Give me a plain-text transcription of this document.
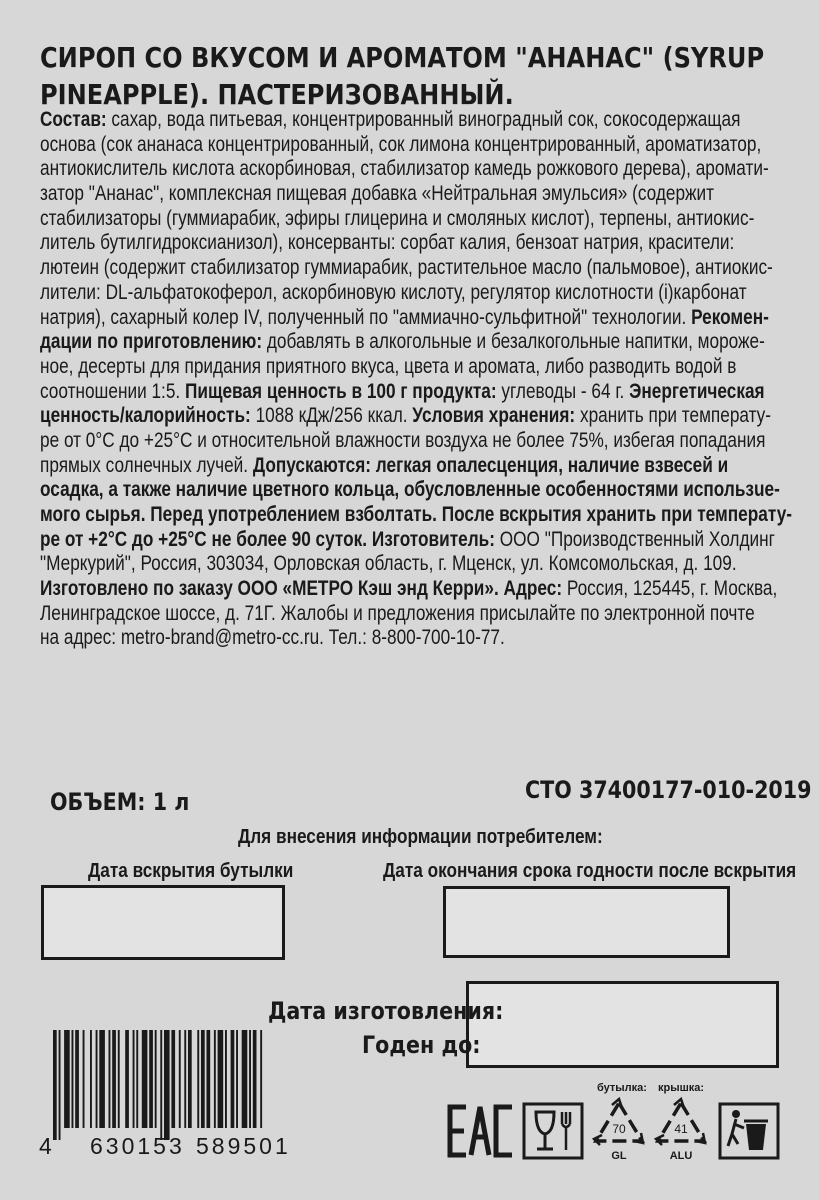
СИРОП СО ВКУСОМ И АРОМАТОМ "АНАНАС" (SYRUP
PINEAPPLE). ПАСТЕРИЗОВАННЫЙ.
Состав: сахар, вода питьевая, концентрированный виноградный сок, сокосодержащая
основа (сок ананаса концентрированный, сок лимона концентрированный, ароматизатор,
антиокислитель кислота аскорбиновая, стабилизатор камедь рожкового дерева), аромати-
затор "Ананас", комплексная пищевая добавка «Нейтральная эмульсия» (содержит
стабилизаторы (гуммиарабик, эфиры глицерина и смоляных кислот), терпены, антиокис-
литель бутилгидроксианизол), консерванты: сорбат калия, бензоат натрия, красители:
лютеин (содержит стабилизатор гуммиарабик, растительное масло (пальмовое), антиокис-
лители: DL-альфатокоферол, аскорбиновую кислоту, регулятор кислотности (i)карбонат
натрия), сахарный колер IV, полученный по "аммиачно-сульфитной" технологии. Рекомен-
дации по приготовлению: добавлять в алкогольные и безалкогольные напитки, мороже-
ное, десерты для придания приятного вкуса, цвета и аромата, либо разводить водой в
соотношении 1:5. Пищевая ценность в 100 г продукта: углеводы - 64 г. Энергетическая
ценность/калорийность: 1088 кДж/256 ккал. Условия хранения: хранить при температу-
ре от 0°С до +25°С и относительной влажности воздуха не более 75%, избегая попадания
прямых солнечных лучей. Допускаются: легкая опалесценция, наличие взвесей и
осадка, а также наличие цветного кольца, обусловленные особенностями использue-
мого сырья. Перед употреблением взболтать. После вскрытия хранить при температу-
ре от +2°С до +25°С не более 90 суток. Изготовитель: ООО "Производственный Холдинг
"Меркурий", Россия, 303034, Орловская область, г. Мценск, ул. Комсомольская, д. 109.
Изготовлено по заказу ООО «МЕТРО Кэш энд Керри». Адрес: Россия, 125445, г. Москва,
Ленинградское шоссе, д. 71Г. Жалобы и предложения присылайте по электронной почте
на адрес: metro-brand@metro-cc.ru. Тел.: 8-800-700-10-77.
ОБЪЕМ: 1 л	СТО 37400177-010-2019
Для внесения информации потребителем:
Дата вскрытия бутылки	Дата окончания срока годности после вскрытия
Дата изготовления:
Годен до:
4 630153 589501
бутылка: крышка:
70
GL
41
ALU
